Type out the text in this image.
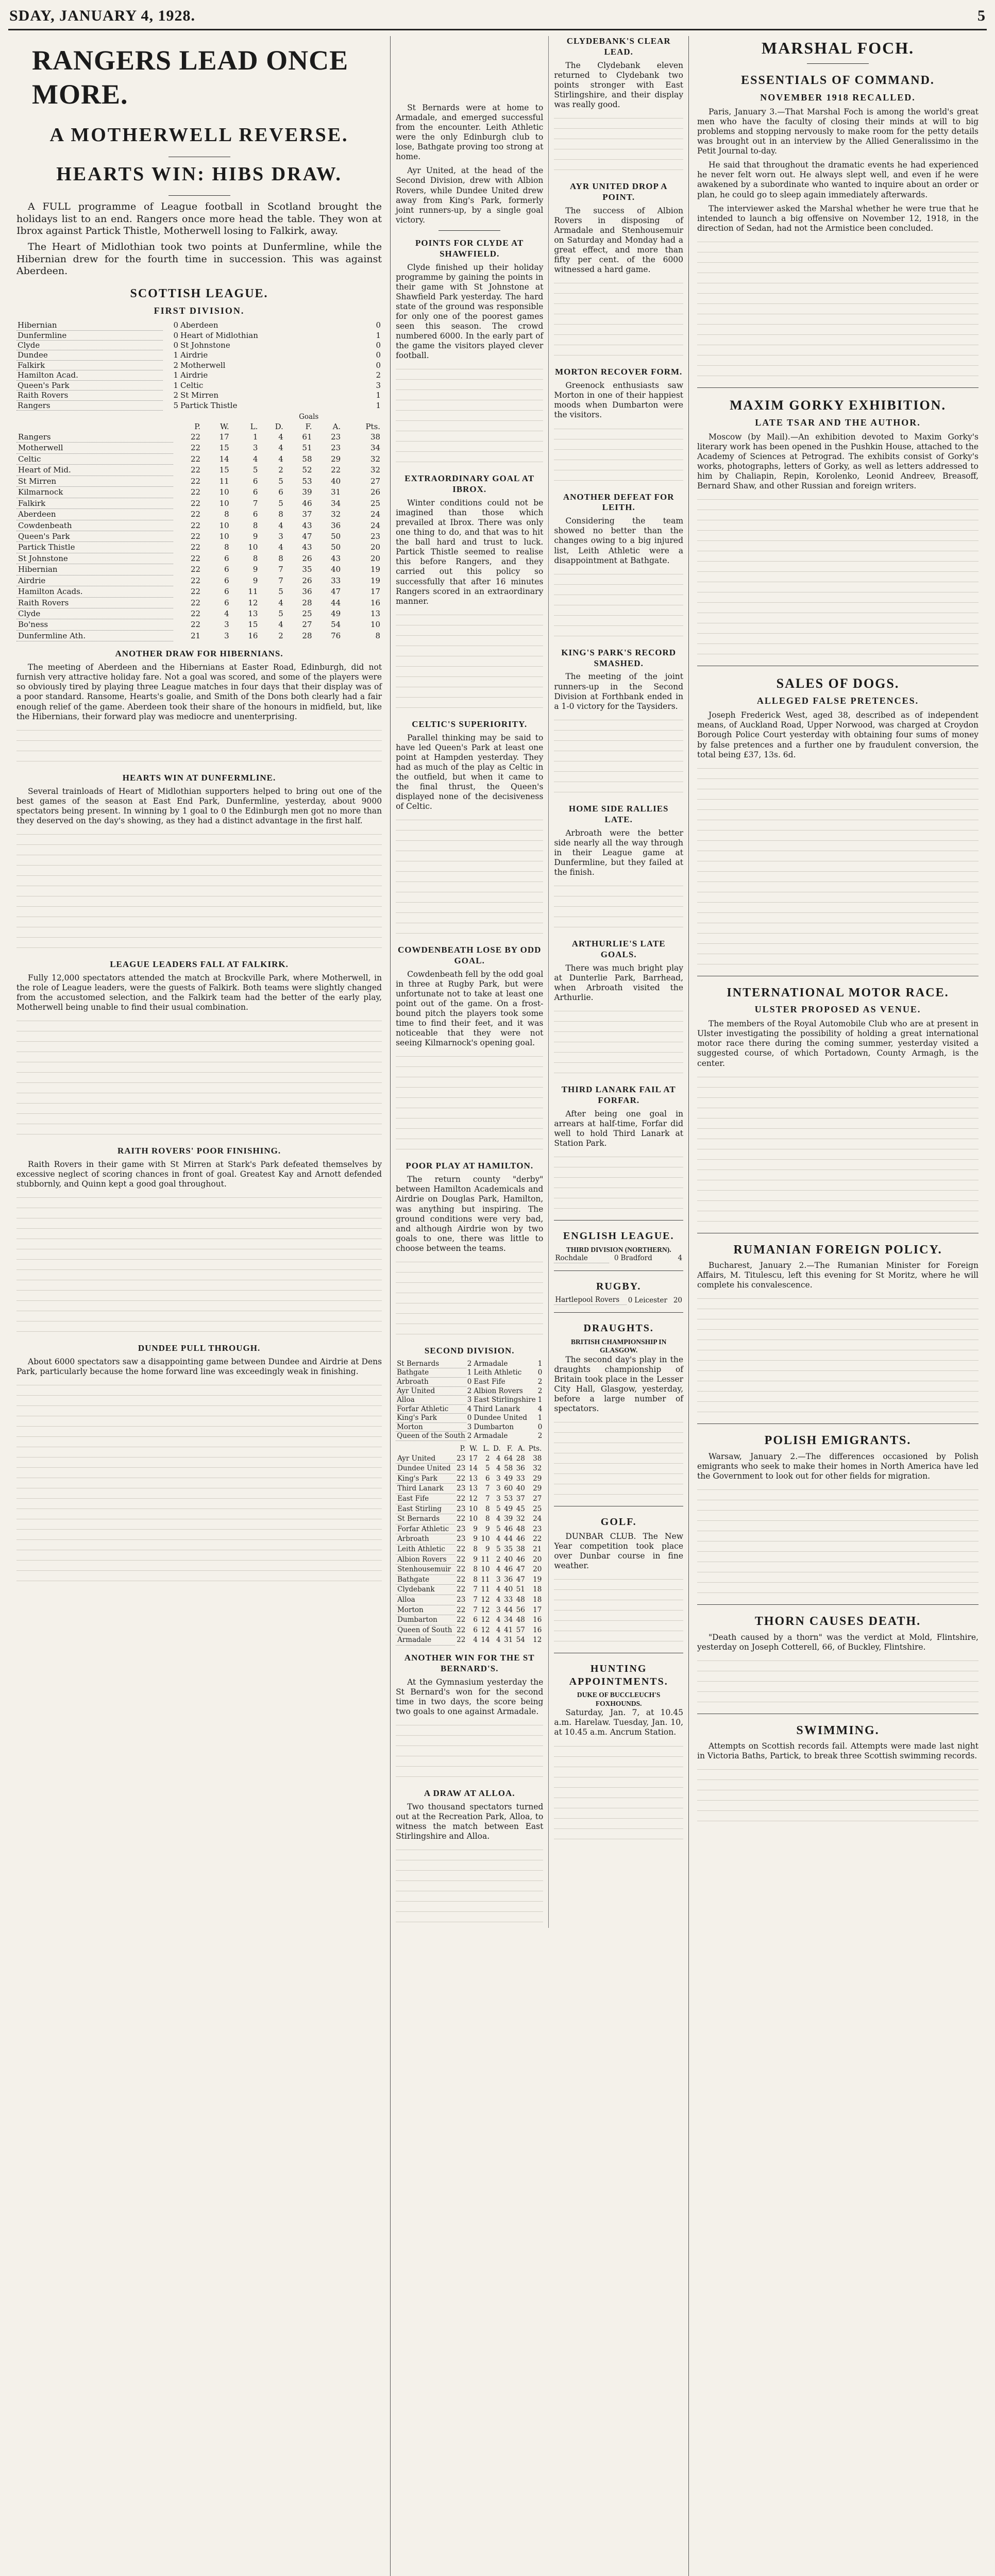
SDAY, JANUARY 4, 1928.	5
RANGERS LEAD ONCE MORE.
A MOTHERWELL REVERSE.
HEARTS WIN: HIBS DRAW.

A FULL programme of League football in Scotland brought the holidays list to an end. Rangers once more head the table. They won at Ibrox against Partick Thistle, Motherwell losing to Falkirk, away.

The Heart of Midlothian took two points at Dunfermline, while the Hibernian drew for the fourth time in succession. This was against Aberdeen.

SCOTTISH LEAGUE.
FIRST DIVISION.
Hibernian	0	Aberdeen	0
Dunfermline	0	Heart of Midlothian	1
Clyde	0	St Johnstone	0
Dundee	1	Airdrie	0
Falkirk	2	Motherwell	0
Hamilton Acad.	1	Airdrie	2
Queen's Park	1	Celtic	3
Raith Rovers	2	St Mirren	1
Rangers	5	Partick Thistle	1
Goals
	P.	W.	L.	D.	F.	A.	Pts.
Rangers	22	17	1	4	61	23	38
Motherwell	22	15	3	4	51	23	34
Celtic	22	14	4	4	58	29	32
Heart of Mid.	22	15	5	2	52	22	32
St Mirren	22	11	6	5	53	40	27
Kilmarnock	22	10	6	6	39	31	26
Falkirk	22	10	7	5	46	34	25
Aberdeen	22	8	6	8	37	32	24
Cowdenbeath	22	10	8	4	43	36	24
Queen's Park	22	10	9	3	47	50	23
Partick Thistle	22	8	10	4	43	50	20
St Johnstone	22	6	8	8	26	43	20
Hibernian	22	6	9	7	35	40	19
Airdrie	22	6	9	7	26	33	19
Hamilton Acads.	22	6	11	5	36	47	17
Raith Rovers	22	6	12	4	28	44	16
Clyde	22	4	13	5	25	49	13
Bo'ness	22	3	15	4	27	54	10
Dunfermline Ath.	21	3	16	2	28	76	8
ANOTHER DRAW FOR HIBERNIANS.

The meeting of Aberdeen and the Hibernians at Easter Road, Edinburgh, did not furnish very attractive holiday fare. Not a goal was scored, and some of the players were so obviously tired by playing three League matches in four days that their display was of a poor standard. Ransome, Hearts's goalie, and Smith of the Dons both clearly had a fair enough relief of the game. Aberdeen took their share of the honours in midfield, but, like the Hibernians, their forward play was mediocre and unenterprising.

HEARTS WIN AT DUNFERMLINE.

Several trainloads of Heart of Midlothian supporters helped to bring out one of the best games of the season at East End Park, Dunfermline, yesterday, about 9000 spectators being present. In winning by 1 goal to 0 the Edinburgh men got no more than they deserved on the day's showing, as they had a distinct advantage in the first half.

LEAGUE LEADERS FALL AT FALKIRK.

Fully 12,000 spectators attended the match at Brockville Park, where Motherwell, in the role of League leaders, were the guests of Falkirk. Both teams were slightly changed from the accustomed selection, and the Falkirk team had the better of the early play, Motherwell being unable to find their usual combination.

RAITH ROVERS' POOR FINISHING.

Raith Rovers in their game with St Mirren at Stark's Park defeated themselves by excessive neglect of scoring chances in front of goal. Greatest Kay and Arnott defended stubbornly, and Quinn kept a good goal throughout.

DUNDEE PULL THROUGH.

About 6000 spectators saw a disappointing game between Dundee and Airdrie at Dens Park, particularly because the home forward line was exceedingly weak in finishing.

St Bernards were at home to Armadale, and emerged successful from the encounter. Leith Athletic were the only Edinburgh club to lose, Bathgate proving too strong at home.

Ayr United, at the head of the Second Division, drew with Albion Rovers, while Dundee United drew away from King's Park, formerly joint runners-up, by a single goal victory.

POINTS FOR CLYDE AT SHAWFIELD.

Clyde finished up their holiday programme by gaining the points in their game with St Johnstone at Shawfield Park yesterday. The hard state of the ground was responsible for only one of the poorest games seen this season. The crowd numbered 6000. In the early part of the game the visitors played clever football.

EXTRAORDINARY GOAL AT IBROX.

Winter conditions could not be imagined than those which prevailed at Ibrox. There was only one thing to do, and that was to hit the ball hard and trust to luck. Partick Thistle seemed to realise this before Rangers, and they carried out this policy so successfully that after 16 minutes Rangers scored in an extraordinary manner.

CELTIC'S SUPERIORITY.

Parallel thinking may be said to have led Queen's Park at least one point at Hampden yesterday. They had as much of the play as Celtic in the outfield, but when it came to the final thrust, the Queen's displayed none of the decisiveness of Celtic.

COWDENBEATH LOSE BY ODD GOAL.

Cowdenbeath fell by the odd goal in three at Rugby Park, but were unfortunate not to take at least one point out of the game. On a frost-bound pitch the players took some time to find their feet, and it was noticeable that they were not seeing Kilmarnock's opening goal.

POOR PLAY AT HAMILTON.

The return county "derby" between Hamilton Academicals and Airdrie on Douglas Park, Hamilton, was anything but inspiring. The ground conditions were very bad, and although Airdrie won by two goals to one, there was little to choose between the teams.

SECOND DIVISION.
St Bernards	2	Armadale	1
Bathgate	1	Leith Athletic	0
Arbroath	0	East Fife	2
Ayr United	2	Albion Rovers	2
Alloa	3	East Stirlingshire	1
Forfar Athletic	4	Third Lanark	4
King's Park	0	Dundee United	1
Morton	3	Dumbarton	0
Queen of the South	2	Armadale	2
	P.	W.	L.	D.	F.	A.	Pts.
Ayr United	23	17	2	4	64	28	38
Dundee United	23	14	5	4	58	36	32
King's Park	22	13	6	3	49	33	29
Third Lanark	23	13	7	3	60	40	29
East Fife	22	12	7	3	53	37	27
East Stirling	23	10	8	5	49	45	25
St Bernards	22	10	8	4	39	32	24
Forfar Athletic	23	9	9	5	46	48	23
Arbroath	23	9	10	4	44	46	22
Leith Athletic	22	8	9	5	35	38	21
Albion Rovers	22	9	11	2	40	46	20
Stenhousemuir	22	8	10	4	46	47	20
Bathgate	22	8	11	3	36	47	19
Clydebank	22	7	11	4	40	51	18
Alloa	23	7	12	4	33	48	18
Morton	22	7	12	3	44	56	17
Dumbarton	22	6	12	4	34	48	16
Queen of South	22	6	12	4	41	57	16
Armadale	22	4	14	4	31	54	12
ANOTHER WIN FOR THE ST BERNARD'S.

At the Gymnasium yesterday the St Bernard's won for the second time in two days, the score being two goals to one against Armadale.

A DRAW AT ALLOA.

Two thousand spectators turned out at the Recreation Park, Alloa, to witness the match between East Stirlingshire and Alloa.

CLYDEBANK'S CLEAR LEAD.

The Clydebank eleven returned to Clydebank two points stronger with East Stirlingshire, and their display was really good.

AYR UNITED DROP A POINT.

The success of Albion Rovers in disposing of Armadale and Stenhousemuir on Saturday and Monday had a great effect, and more than fifty per cent. of the 6000 witnessed a hard game.

MORTON RECOVER FORM.

Greenock enthusiasts saw Morton in one of their happiest moods when Dumbarton were the visitors.

ANOTHER DEFEAT FOR LEITH.

Considering the team showed no better than the changes owing to a big injured list, Leith Athletic were a disappointment at Bathgate.

KING'S PARK'S RECORD SMASHED.

The meeting of the joint runners-up in the Second Division at Forthbank ended in a 1-0 victory for the Taysiders.

HOME SIDE RALLIES LATE.

Arbroath were the better side nearly all the way through in their League game at Dunfermline, but they failed at the finish.

ARTHURLIE'S LATE GOALS.

There was much bright play at Dunterlie Park, Barrhead, when Arbroath visited the Arthurlie.

THIRD LANARK FAIL AT FORFAR.

After being one goal in arrears at half-time, Forfar did well to hold Third Lanark at Station Park.

ENGLISH LEAGUE.
THIRD DIVISION (NORTHERN).
Rochdale	0	Bradford	4
RUGBY.
Hartlepool Rovers	0	Leicester	20
DRAUGHTS.
BRITISH CHAMPIONSHIP IN GLASGOW.

The second day's play in the draughts championship of Britain took place in the Lesser City Hall, Glasgow, yesterday, before a large number of spectators.

GOLF.

DUNBAR CLUB. The New Year competition took place over Dunbar course in fine weather.

HUNTING APPOINTMENTS.
DUKE OF BUCCLEUCH'S FOXHOUNDS.

Saturday, Jan. 7, at 10.45 a.m. Harelaw. Tuesday, Jan. 10, at 10.45 a.m. Ancrum Station.

MARSHAL FOCH.
ESSENTIALS OF COMMAND.
NOVEMBER 1918 RECALLED.

Paris, January 3.—That Marshal Foch is among the world's great men who have the faculty of closing their minds at will to big problems and stopping nervously to make room for the petty details was brought out in an interview by the Allied Generalissimo in the Petit Journal to-day.

He said that throughout the dramatic events he had experienced he never felt worn out. He always slept well, and even if he were awakened by a subordinate who wanted to inquire about an order or plan, he could go to sleep again immediately afterwards.

The interviewer asked the Marshal whether he were true that he intended to launch a big offensive on November 12, 1918, in the direction of Sedan, had not the Armistice been concluded.

MAXIM GORKY EXHIBITION.
LATE TSAR AND THE AUTHOR.

Moscow (by Mail).—An exhibition devoted to Maxim Gorky's literary work has been opened in the Pushkin House, attached to the Academy of Sciences at Petrograd. The exhibits consist of Gorky's works, photographs, letters of Gorky, as well as letters addressed to him by Chaliapin, Repin, Korolenko, Leonid Andreev, Breasoff, Bernard Shaw, and other Russian and foreign writers.

SALES OF DOGS.
ALLEGED FALSE PRETENCES.

Joseph Frederick West, aged 38, described as of independent means, of Auckland Road, Upper Norwood, was charged at Croydon Borough Police Court yesterday with obtaining four sums of money by false pretences and a further one by fraudulent conversion, the total being £37, 13s. 6d.

INTERNATIONAL MOTOR RACE.
ULSTER PROPOSED AS VENUE.

The members of the Royal Automobile Club who are at present in Ulster investigating the possibility of holding a great international motor race there during the coming summer, yesterday visited a suggested course, of which Portadown, County Armagh, is the center.

RUMANIAN FOREIGN POLICY.

Bucharest, January 2.—The Rumanian Minister for Foreign Affairs, M. Titulescu, left this evening for St Moritz, where he will complete his convalescence.

POLISH EMIGRANTS.

Warsaw, January 2.—The differences occasioned by Polish emigrants who seek to make their homes in North America have led the Government to look out for other fields for migration.

THORN CAUSES DEATH.

"Death caused by a thorn" was the verdict at Mold, Flintshire, yesterday on Joseph Cotterell, 66, of Buckley, Flintshire.

SWIMMING.

Attempts on Scottish records fail. Attempts were made last night in Victoria Baths, Partick, to break three Scottish swimming records.
